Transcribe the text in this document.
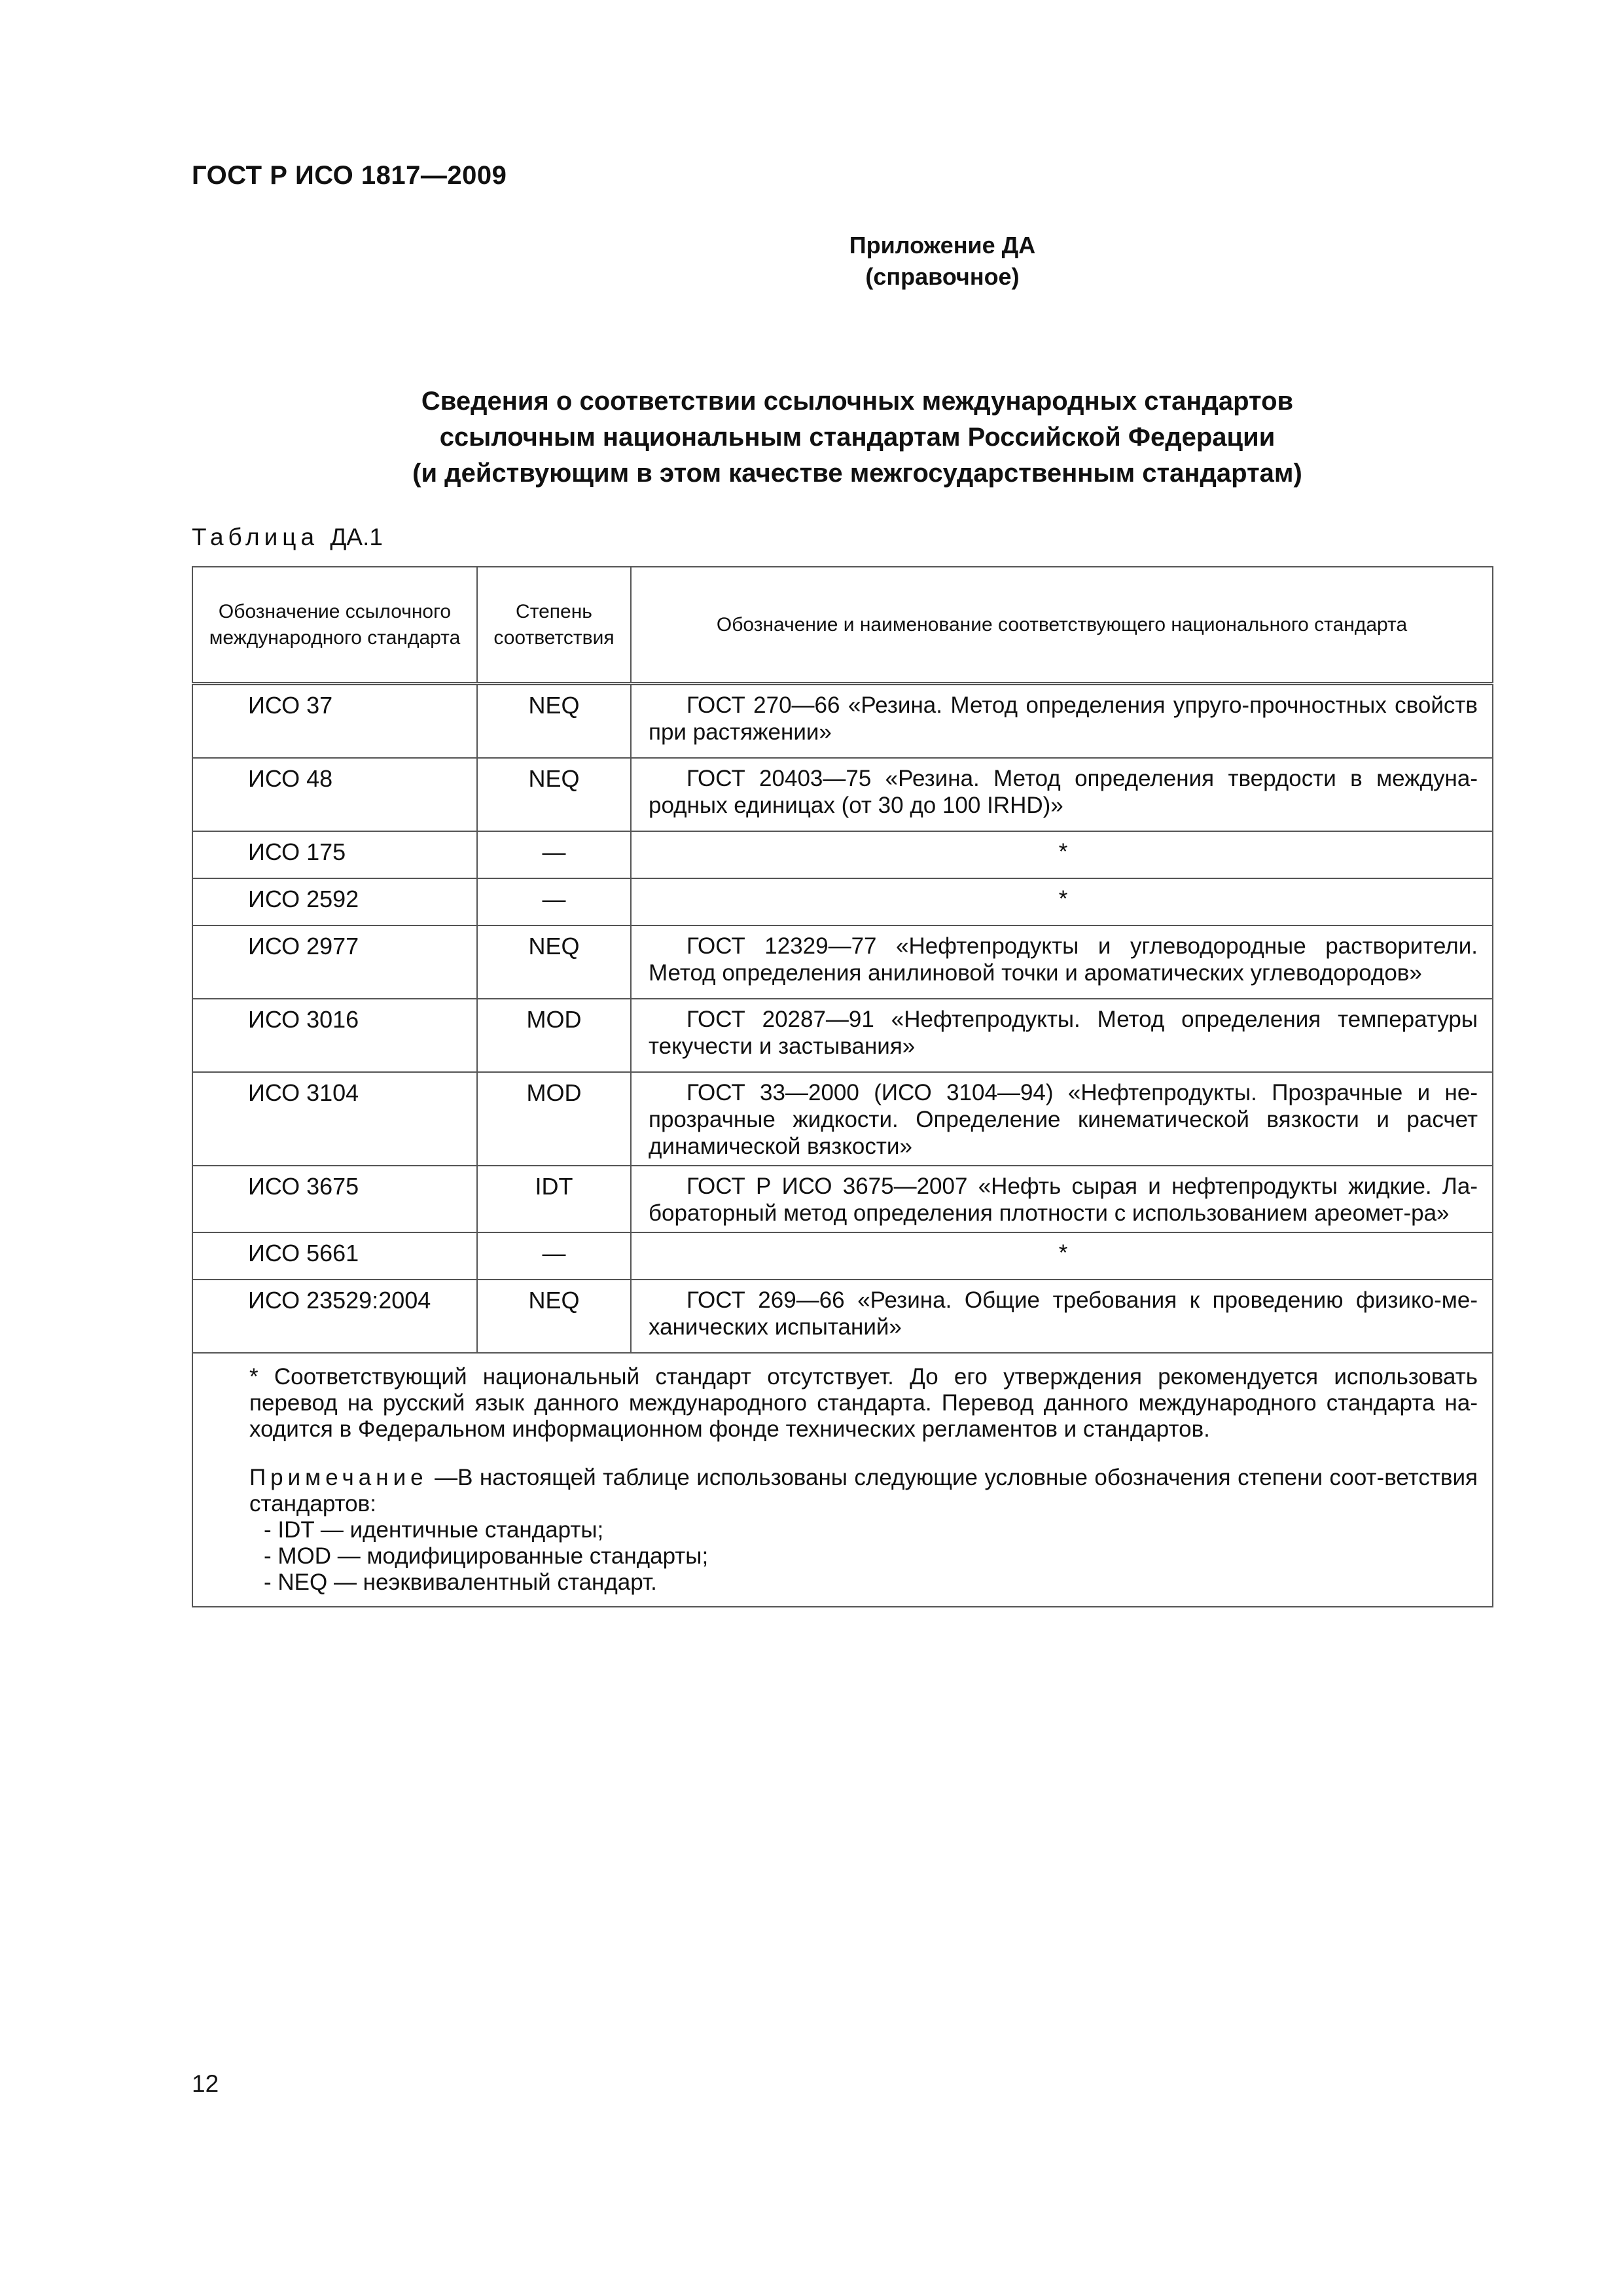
ГОСТ Р ИСО 1817—2009
Приложение ДА
(справочное)
Сведения о соответствии ссылочных международных стандартов
ссылочным национальным стандартам Российской Федерации
(и действующим в этом качестве межгосударственным стандартам)
Таблица ДА.1
Обозначение ссылочного международного стандарта	Степень соответствия	Обозначение и наименование соответствующего национального стандарта
ИСО 37	NEQ	ГОСТ 270—66 «Резина. Метод определения упруго-прочностных свойств при растяжении»
ИСО 48	NEQ	ГОСТ 20403—75 «Резина. Метод определения твердости в междуна-родных единицах (от 30 до 100 IRHD)»
ИСО 175	—	*
ИСО 2592	—	*
ИСО 2977	NEQ	ГОСТ 12329—77 «Нефтепродукты и углеводородные растворители. Метод определения анилиновой точки и ароматических углеводородов»
ИСО 3016	MOD	ГОСТ 20287—91 «Нефтепродукты. Метод определения температуры текучести и застывания»
ИСО 3104	MOD	ГОСТ 33—2000 (ИСО 3104—94) «Нефтепродукты. Прозрачные и не-прозрачные жидкости. Определение кинематической вязкости и расчет динамической вязкости»
ИСО 3675	IDT	ГОСТ Р ИСО 3675—2007 «Нефть сырая и нефтепродукты жидкие. Ла-бораторный метод определения плотности с использованием ареомет-ра»
ИСО 5661	—	*
ИСО 23529:2004	NEQ	ГОСТ 269—66 «Резина. Общие требования к проведению физико-ме-ханических испытаний»

* Соответствующий национальный стандарт отсутствует. До его утверждения рекомендуется использовать перевод на русский язык данного международного стандарта. Перевод данного международного стандарта на-ходится в Федеральном информационном фонде технических регламентов и стандартов.

Примечание —В настоящей таблице использованы следующие условные обозначения степени соот-ветствия стандартов:

- IDT — идентичные стандарты;

- MOD — модифицированные стандарты;

- NEQ — неэквивалентный стандарт.		

12
